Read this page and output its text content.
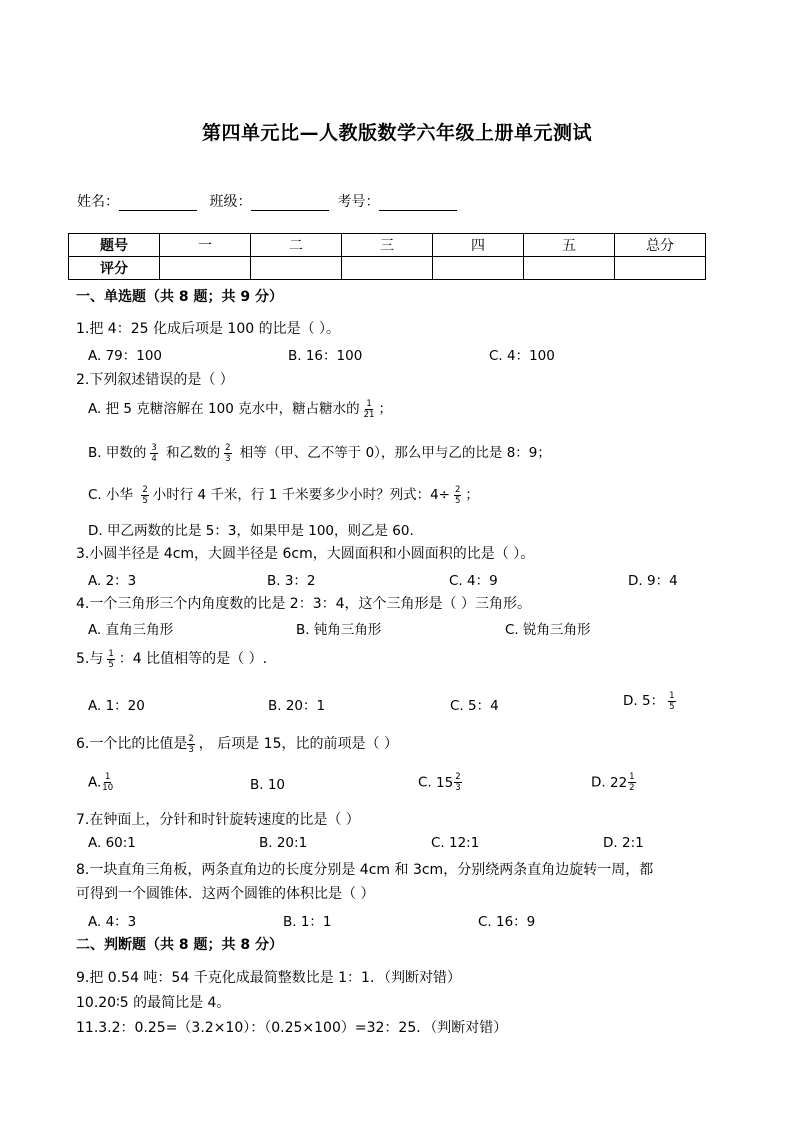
第四单元比—人教版数学六年级上册单元测试
姓名：	班级：	考号：
题号	一	二	三	四	五	总分
评分						
一、单选题（共 8 题；共 9 分）
1.把 4：25 化成后项是 100 的比是（ ）。
A. 79：100	B. 16：100	C. 4：100
2.下列叙述错误的是（ ）
A. 把 5 克糖溶解在 100 克水中，糖占糖水的 $\frac{1}{21}$ ；
B. 甲数的 $\frac{3}{4}$ 和乙数的 $\frac{2}{3}$ 相等（甲、乙不等于 0），那么甲与乙的比是 8：9；
C. 小华 $\frac{2}{5}$ 小时行 4 千米，行 1 千米要多少小时？列式：$4\div \frac{2}{5}$ ；
D. 甲乙两数的比是 5：3，如果甲是 100，则乙是 60.
3.小圆半径是 4cm，大圆半径是 6cm，大圆面积和小圆面积的比是（ ）。
A. 2：3	B. 3：2	C. 4：9	D. 9：4
4.一个三角形三个内角度数的比是 2：3：4，这个三角形是（ ）三角形。
A. 直角三角形	B. 钝角三角形	C. 锐角三角形
5.与 $\frac{1}{5}$ ：4 比值相等的是（ ）.
A. 1：20	B. 20：1	C. 5：4	D. 5： $\frac{1}{5}$
6.一个比的比值是 $\frac{2}{3}$ ， 后项是 15，比的前项是（ ）
A. $\frac{1}{10}$	B. 10	C. $15 \frac{2}{3}$	D. $22 \frac{1}{2}$
7.在钟面上，分针和时针旋转速度的比是（ ）
A. 60:1	B. 20:1	C. 12:1	D. 2:1
8.一块直角三角板，两条直角边的长度分别是 4cm 和 3cm，分别绕两条直角边旋转一周，都
可得到一个圆锥体．这两个圆锥的体积比是（ ）
A. 4：3	B. 1：1	C. 16：9
二、判断题（共 8 题；共 8 分）
9.把 0.54 吨：54 千克化成最简整数比是 1：1．（判断对错）
10.20∶5 的最简比是 4。
11.3.2：0.25=（3.2×10）：（0.25×100）=32：25．（判断对错）
